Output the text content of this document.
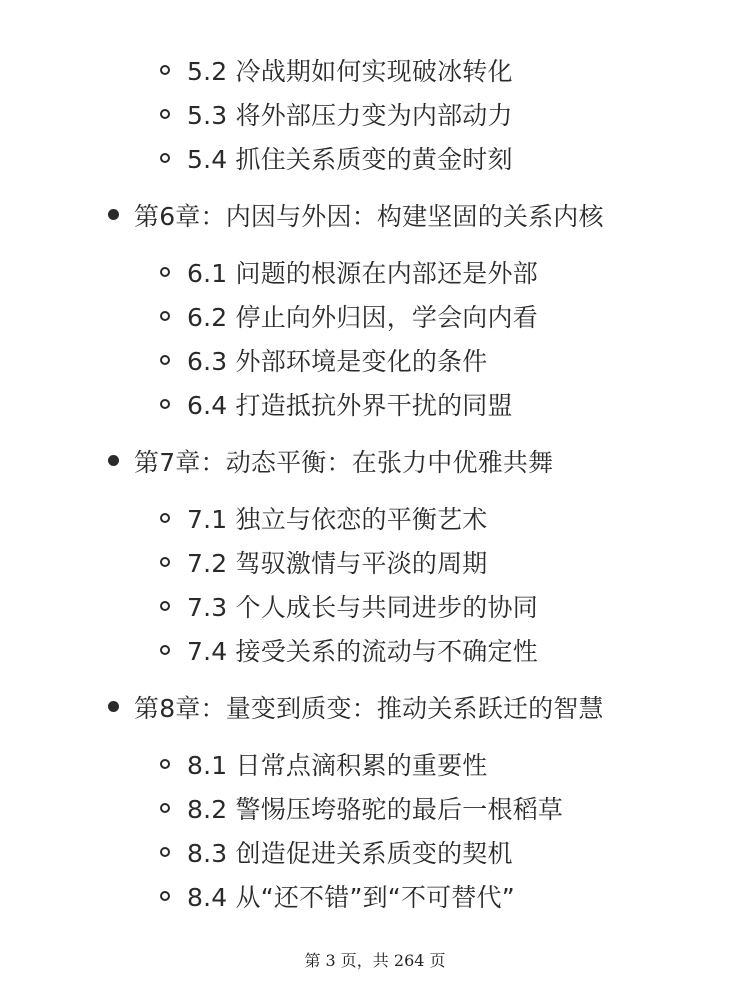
5.2 冷战期如何实现破冰转化
5.3 将外部压力变为内部动力
5.4 抓住关系质变的黄金时刻
第6章：内因与外因：构建坚固的关系内核
6.1 问题的根源在内部还是外部
6.2 停止向外归因，学会向内看
6.3 外部环境是变化的条件
6.4 打造抵抗外界干扰的同盟
第7章：动态平衡：在张力中优雅共舞
7.1 独立与依恋的平衡艺术
7.2 驾驭激情与平淡的周期
7.3 个人成长与共同进步的协同
7.4 接受关系的流动与不确定性
第8章：量变到质变：推动关系跃迁的智慧
8.1 日常点滴积累的重要性
8.2 警惕压垮骆驼的最后一根稻草
8.3 创造促进关系质变的契机
8.4 从“还不错”到“不可替代”
第 3 页，共 264 页
